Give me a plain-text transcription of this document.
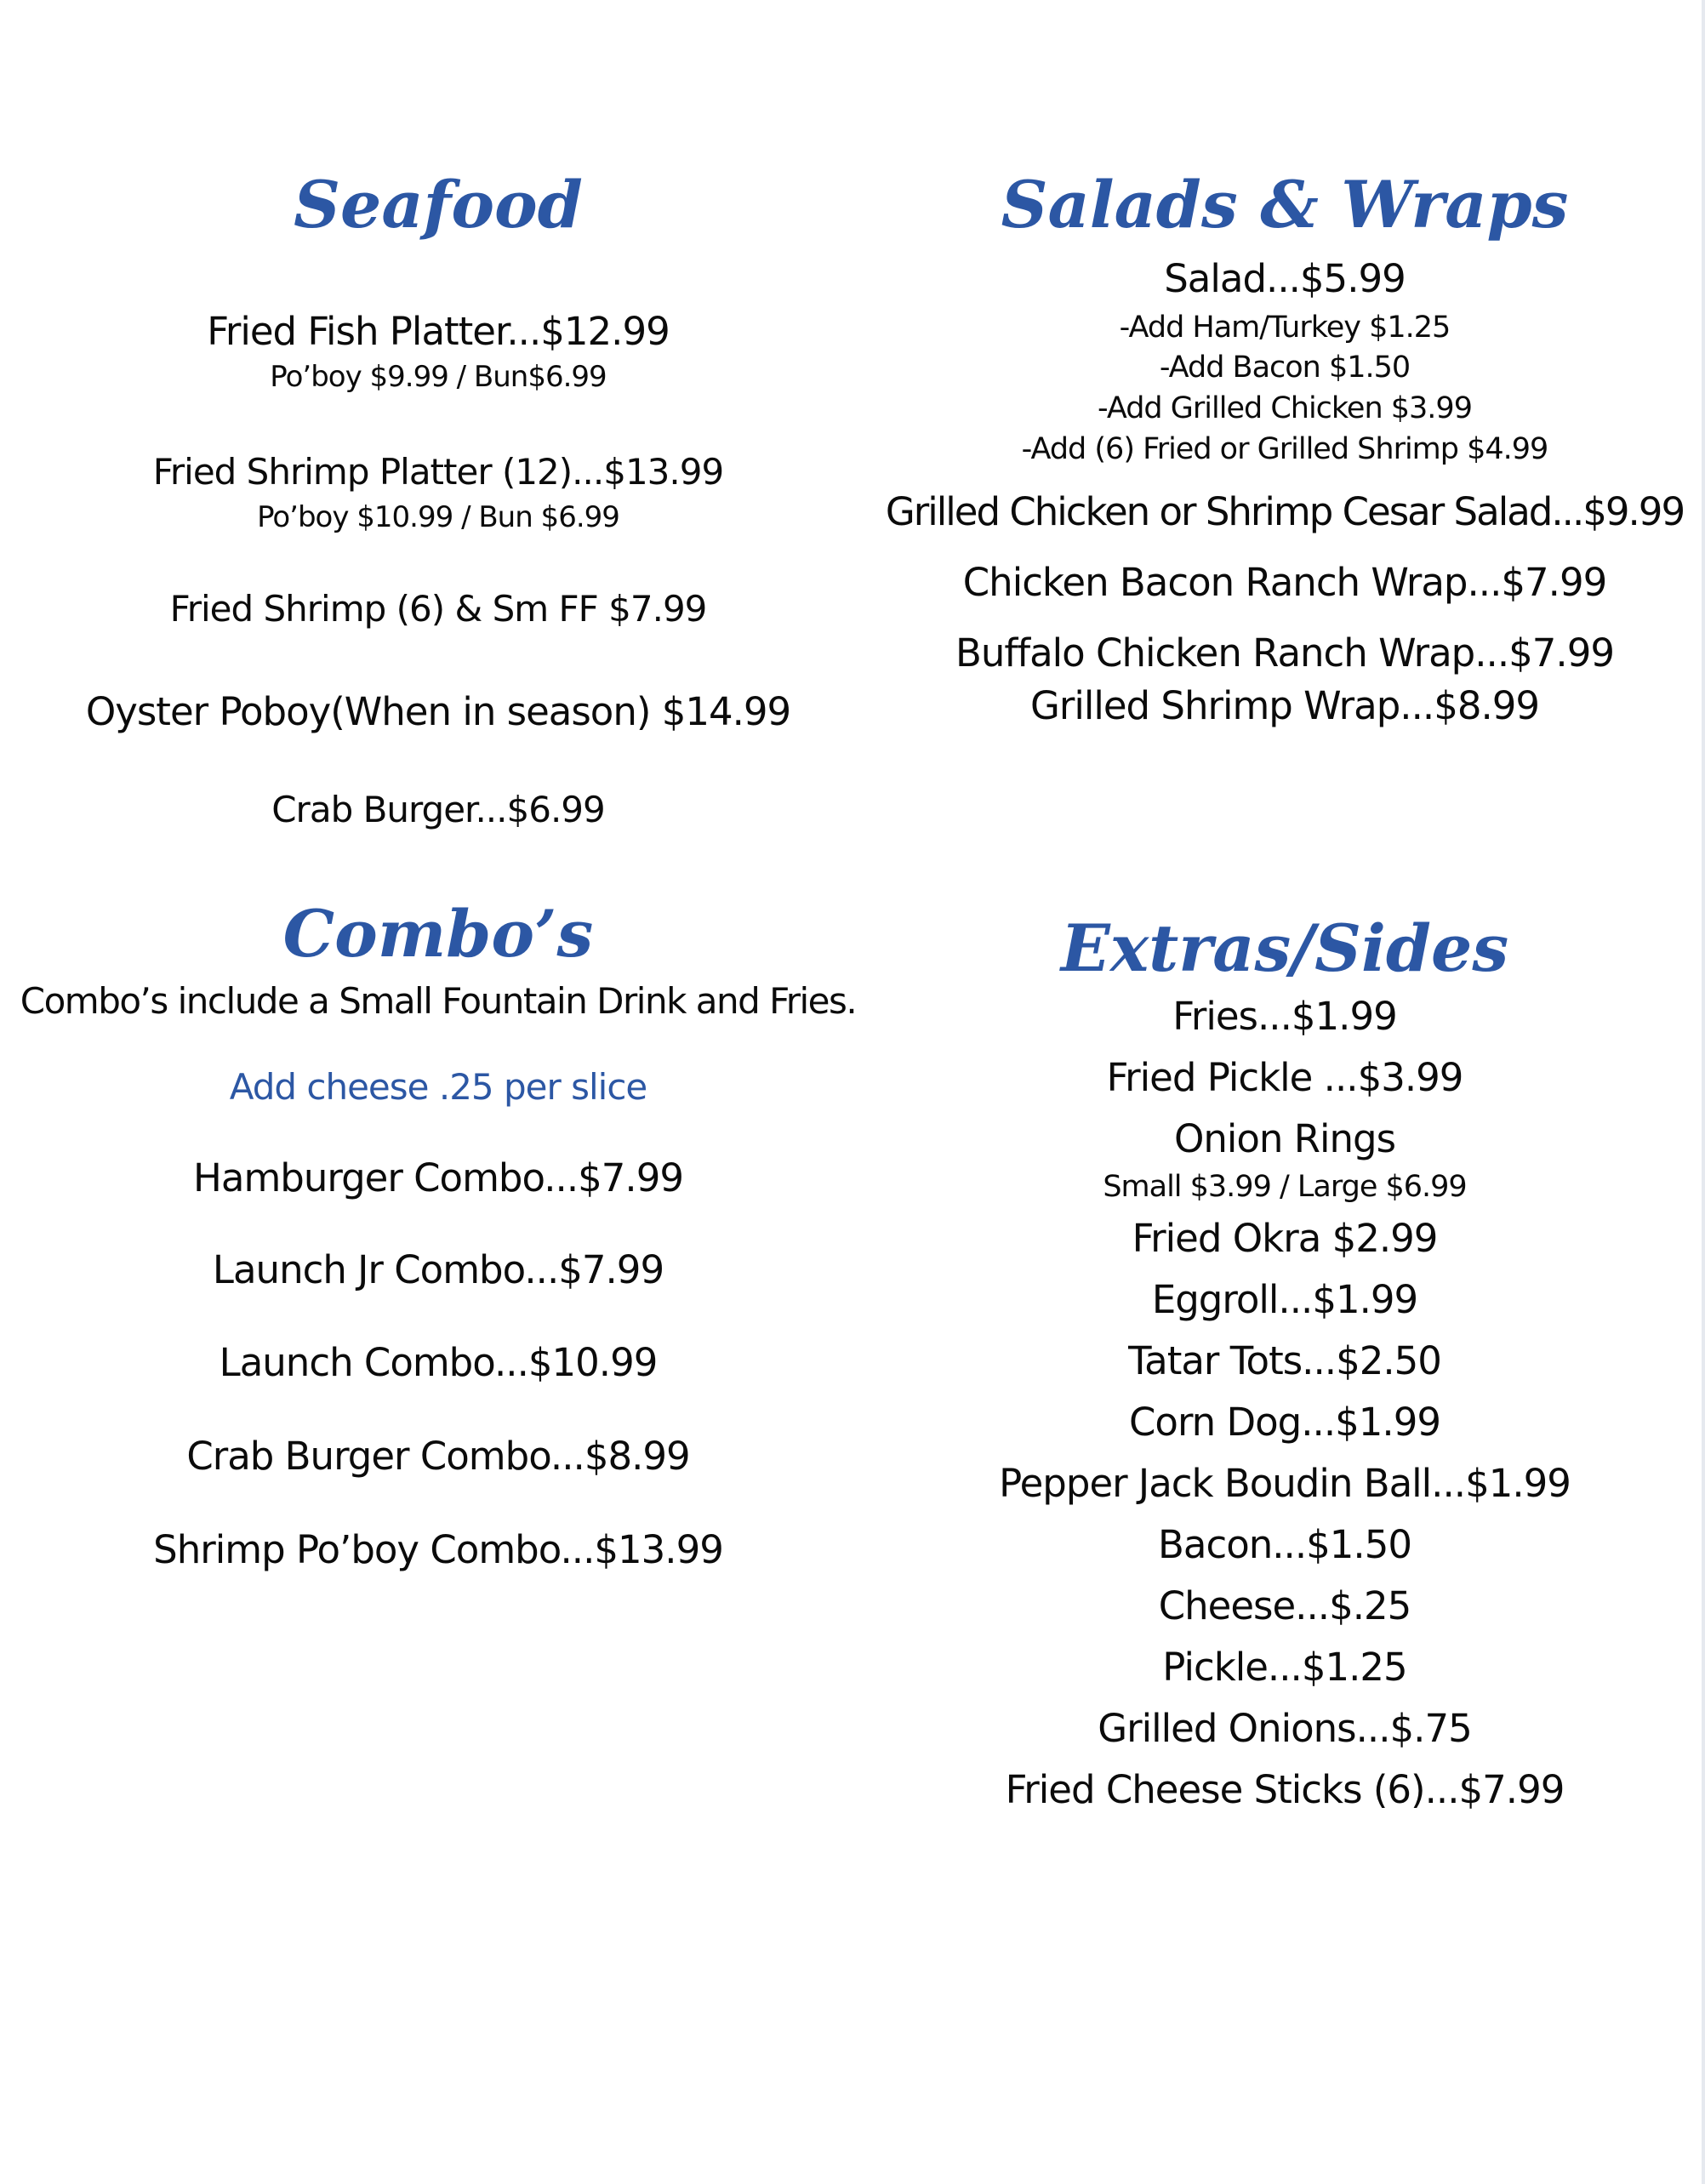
Seafood
Fried Fish Platter...$12.99
Po’boy $9.99 / Bun$6.99
Fried Shrimp Platter (12)...$13.99
Po’boy $10.99 / Bun $6.99
Fried Shrimp (6) & Sm FF $7.99
Oyster Poboy(When in season) $14.99
Crab Burger...$6.99
Salads & Wraps
Salad...$5.99
-Add Ham/Turkey $1.25
-Add Bacon $1.50
-Add Grilled Chicken $3.99
-Add (6) Fried or Grilled Shrimp $4.99
Grilled Chicken or Shrimp Cesar Salad...$9.99
Chicken Bacon Ranch Wrap...$7.99
Buffalo Chicken Ranch Wrap...$7.99
Grilled Shrimp Wrap...$8.99
Combo’s
Combo’s include a Small Fountain Drink and Fries.
Add cheese .25 per slice
Hamburger Combo...$7.99
Launch Jr Combo...$7.99
Launch Combo...$10.99
Crab Burger Combo...$8.99
Shrimp Po’boy Combo...$13.99
Extras/Sides
Fries...$1.99
Fried Pickle ...$3.99
Onion Rings
Small $3.99 / Large $6.99
Fried Okra $2.99
Eggroll...$1.99
Tatar Tots...$2.50
Corn Dog...$1.99
Pepper Jack Boudin Ball...$1.99
Bacon...$1.50
Cheese...$.25
Pickle...$1.25
Grilled Onions...$.75
Fried Cheese Sticks (6)...$7.99
